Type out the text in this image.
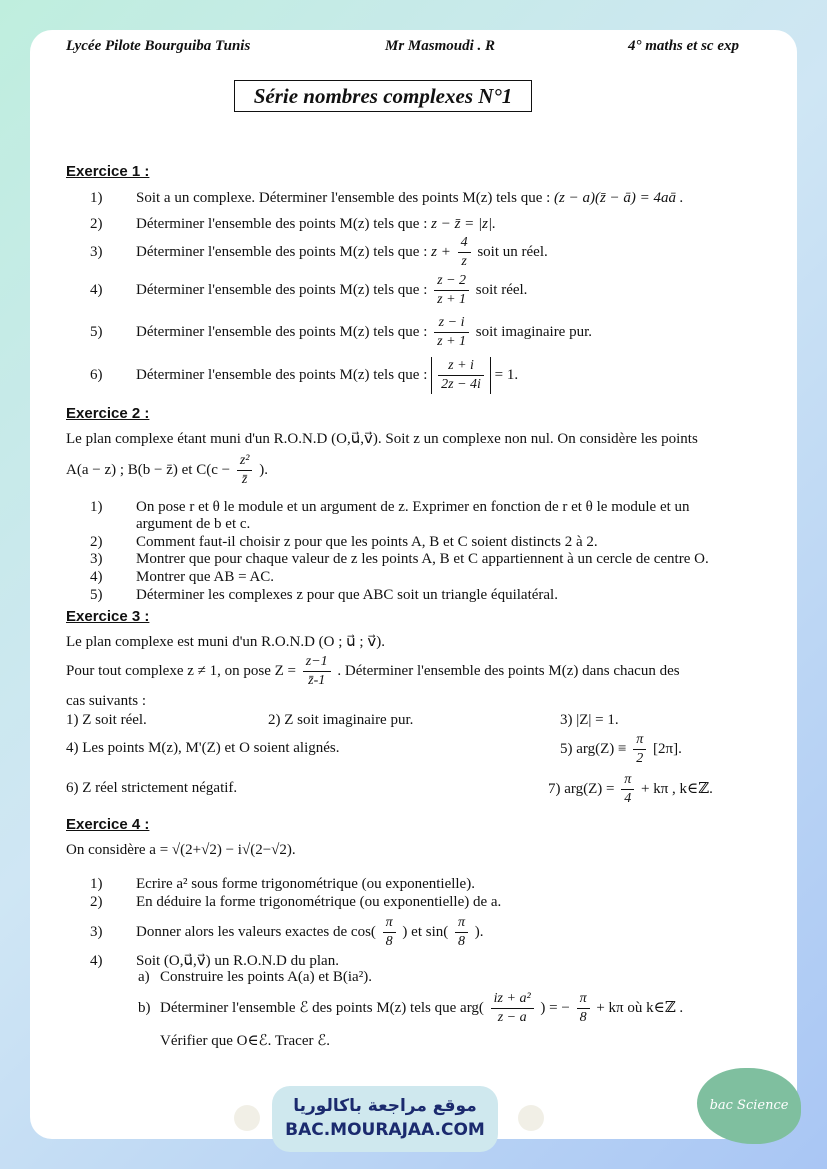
Lycée Pilote Bourguiba Tunis	Mr Masmoudi . R	4° maths et sc exp
Série nombres complexes N°1
Exercice 1 :
1) Soit a un complexe. Déterminer l'ensemble des points M(z) tels que : (z − a)(z̄ − ā) = 4aā .
2) Déterminer l'ensemble des points M(z) tels que : z − z̄ = |z|.
3) Déterminer l'ensemble des points M(z) tels que : $z + \frac{4}{z}$ soit un réel.
4) Déterminer l'ensemble des points M(z) tels que : $\frac{z - 2}{z + 1}$ soit réel.
5) Déterminer l'ensemble des points M(z) tels que : $\frac{z - i}{z + 1}$ soit imaginaire pur.
6) Déterminer l'ensemble des points M(z) tels que : $\frac{z + i}{2z - 4i} = 1$.
Exercice 2 :
Le plan complexe étant muni d'un R.O.N.D (O,u⃗,v⃗). Soit z un complexe non nul. On considère les points
A(a − z) ; B(b − z̄) et $C(c - \frac{\text{z²}}{z̄}$ ).
1) On pose r et θ le module et un argument de z. Exprimer en fonction de r et θ le module et un
argument de b et c.
2) Comment faut-il choisir z pour que les points A, B et C soient distincts 2 à 2.
3) Montrer que pour chaque valeur de z les points A, B et C appartiennent à un cercle de centre O.
4) Montrer que AB = AC.
5) Déterminer les complexes z pour que ABC soit un triangle équilatéral.
Exercice 3 :
Le plan complexe est muni d'un R.O.N.D (O ; u⃗ ; v⃗).
Pour tout complexe z ≠ 1, on pose $Z = \frac{z-1}{z̄-1}$ . Déterminer l'ensemble des points M(z) dans chacun des
cas suivants :
1) Z soit réel.	2) Z soit imaginaire pur.	3) |Z| = 1.
4) Les points M(z), M'(Z) et O soient alignés.	5) $arg(Z) \equiv \frac{\pi}{2} [2\pi]$.
6) Z réel strictement négatif.	7) $arg(Z) = \frac{\pi}{4} + k\pi$ , k∈ℤ.
Exercice 4 :
On considère a = √(2+√2) − i√(2−√2).
1) Ecrire a² sous forme trigonométrique (ou exponentielle).
2) En déduire la forme trigonométrique (ou exponentielle) de a.
3) Donner alors les valeurs exactes de $\cos( \frac{\pi}{8}$ ) et $\sin( \frac{\pi}{8}$ ).
4) Soit (O,u⃗,v⃗) un R.O.N.D du plan.
a) Construire les points A(a) et B(ia²).
b) Déterminer l'ensemble ℰ des points M(z) tels que $arg( \frac{\text{iz + a²}}{z - a}$ ) = − $\frac{\pi}{8} + k\pi$ où k∈ℤ .
Vérifier que O∈ℰ. Tracer ℰ.
موقع مراجعة باكالوريا
BAC.MOURAJAA.COM
bac Science
